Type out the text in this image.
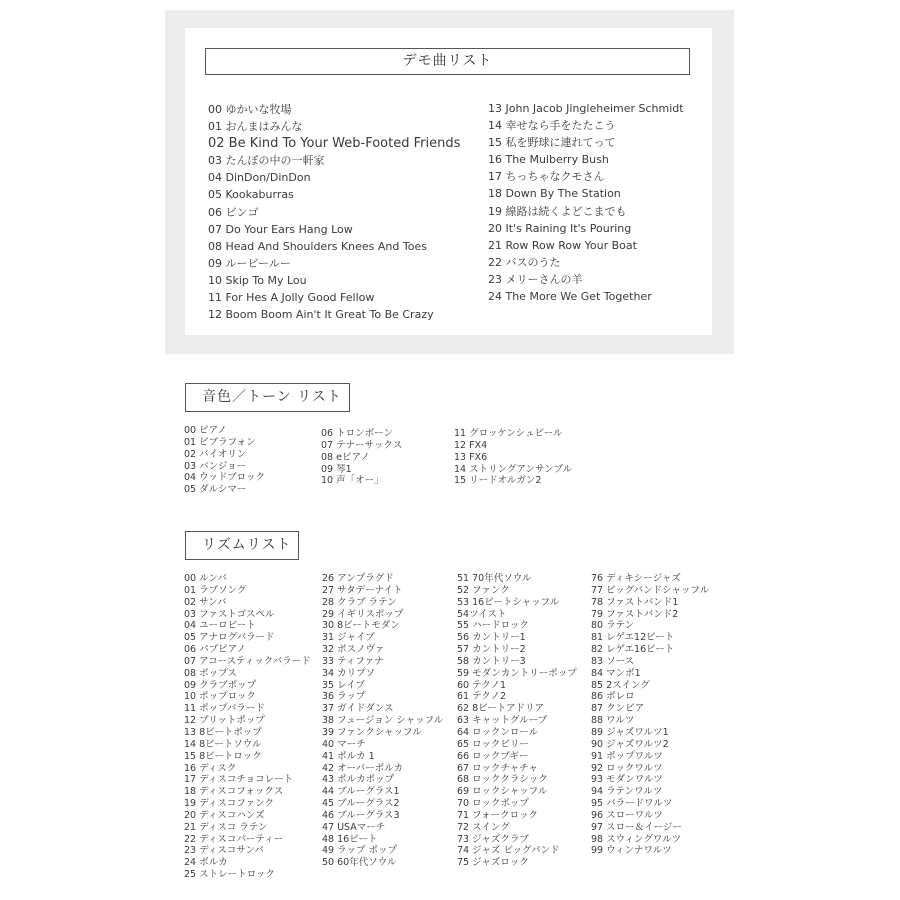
デモ曲リスト
00 ゆかいな牧場
01 おんまはみんな
02 Be Kind To Your Web-Footed Friends
03 たんぼの中の一軒家
04 DinDon/DinDon
05 Kookaburras
06 ビンゴ
07 Do Your Ears Hang Low
08 Head And Shoulders Knees And Toes
09 ルービールー
10 Skip To My Lou
11 For Hes A Jolly Good Fellow
12 Boom Boom Ain't It Great To Be Crazy
13 John Jacob Jingleheimer Schmidt
14 幸せなら手をたたこう
15 私を野球に連れてって
16 The Mulberry Bush
17 ちっちゃなクモさん
18 Down By The Station
19 線路は続くよどこまでも
20 It's Raining It's Pouring
21 Row Row Row Your Boat
22 バスのうた
23 メリーさんの羊
24 The More We Get Together
音色／トーン リスト
00 ピアノ
01 ビブラフォン
02 バイオリン
03 バンジョー
04 ウッドブロック
05 ダルシマー
06 トロンボーン
07 テナーサックス
08 eピアノ
09 琴1
10 声「オー」
11 グロッケンシュピール
12 FX4
13 FX6
14 ストリングアンサンブル
15 リードオルガン2
リズムリスト
00 ルンバ
01 ラブソング
02 サンバ
03 ファストゴスペル
04 ユーロビート
05 アナログバラード
06 パブピアノ
07 アコースティックバラード
08 ポップス
09 クラブポップ
10 ポップロック
11 ポップバラード
12 ブリットポップ
13 8ビートポップ
14 8ビートソウル
15 8ビートロック
16 ディスク
17 ディスコチョコレート
18 ディスコフォックス
19 ディスコファンク
20 ディスコハンズ
21 ディスコ ラテン
22 ディスコパーティー
23 ディスコサンバ
24 ボルカ
25 ストレートロック
26 アンプラグド
27 サタデーナイト
28 クラブ ラテン
29 イギリスポップ
30 8ビートモダン
31 ジャイブ
32 ボスノヴァ
33 ティファナ
34 カリプソ
35 レイブ
36 ラップ
37 ガイドダンス
38 フュージョン シャッフル
39 ファンクシャッフル
40 マーチ
41 ボルカ 1
42 オーバーボルカ
43 ボルカポップ
44 ブルーグラス1
45 ブルーグラス2
46 ブルーグラス3
47 USAマーチ
48 16ビート
49 ラップ ポップ
50 60年代ソウル
51 70年代ソウル
52 ファンク
53 16ビートシャッフル
54ツイスト
55 ハードロック
56 カントリー1
57 カントリー2
58 カントリー3
59 モダンカントリーポップ
60 テクノ1
61 テクノ2
62 8ビートアドリア
63 キャットグルーブ
64 ロックンロール
65 ロックビリー
66 ロックブギー
67 ロックチャチャ
68 ロッククラシック
69 ロックシャッフル
70 ロックポップ
71 フォークロック
72 スイング
73 ジャズクラブ
74 ジャズ ビッグバンド
75 ジャズロック
76 ディキシージャズ
77 ビッグバンドシャッフル
78 ファストバンド1
79 ファストバンド2
80 ラテン
81 レゲエ12ビート
82 レゲエ16ビート
83 ソース
84 マンボ1
85 2スイング
86 ボレロ
87 クンビア
88 ワルツ
89 ジャズワルツ1
90 ジャズワルツ2
91 ポップワルツ
92 ロックワルツ
93 モダンワルツ
94 ラテンワルツ
95 バラードワルツ
96 スローワルツ
97 スロー＆イージー
98 スウィングワルツ
99 ウィンナワルツ
